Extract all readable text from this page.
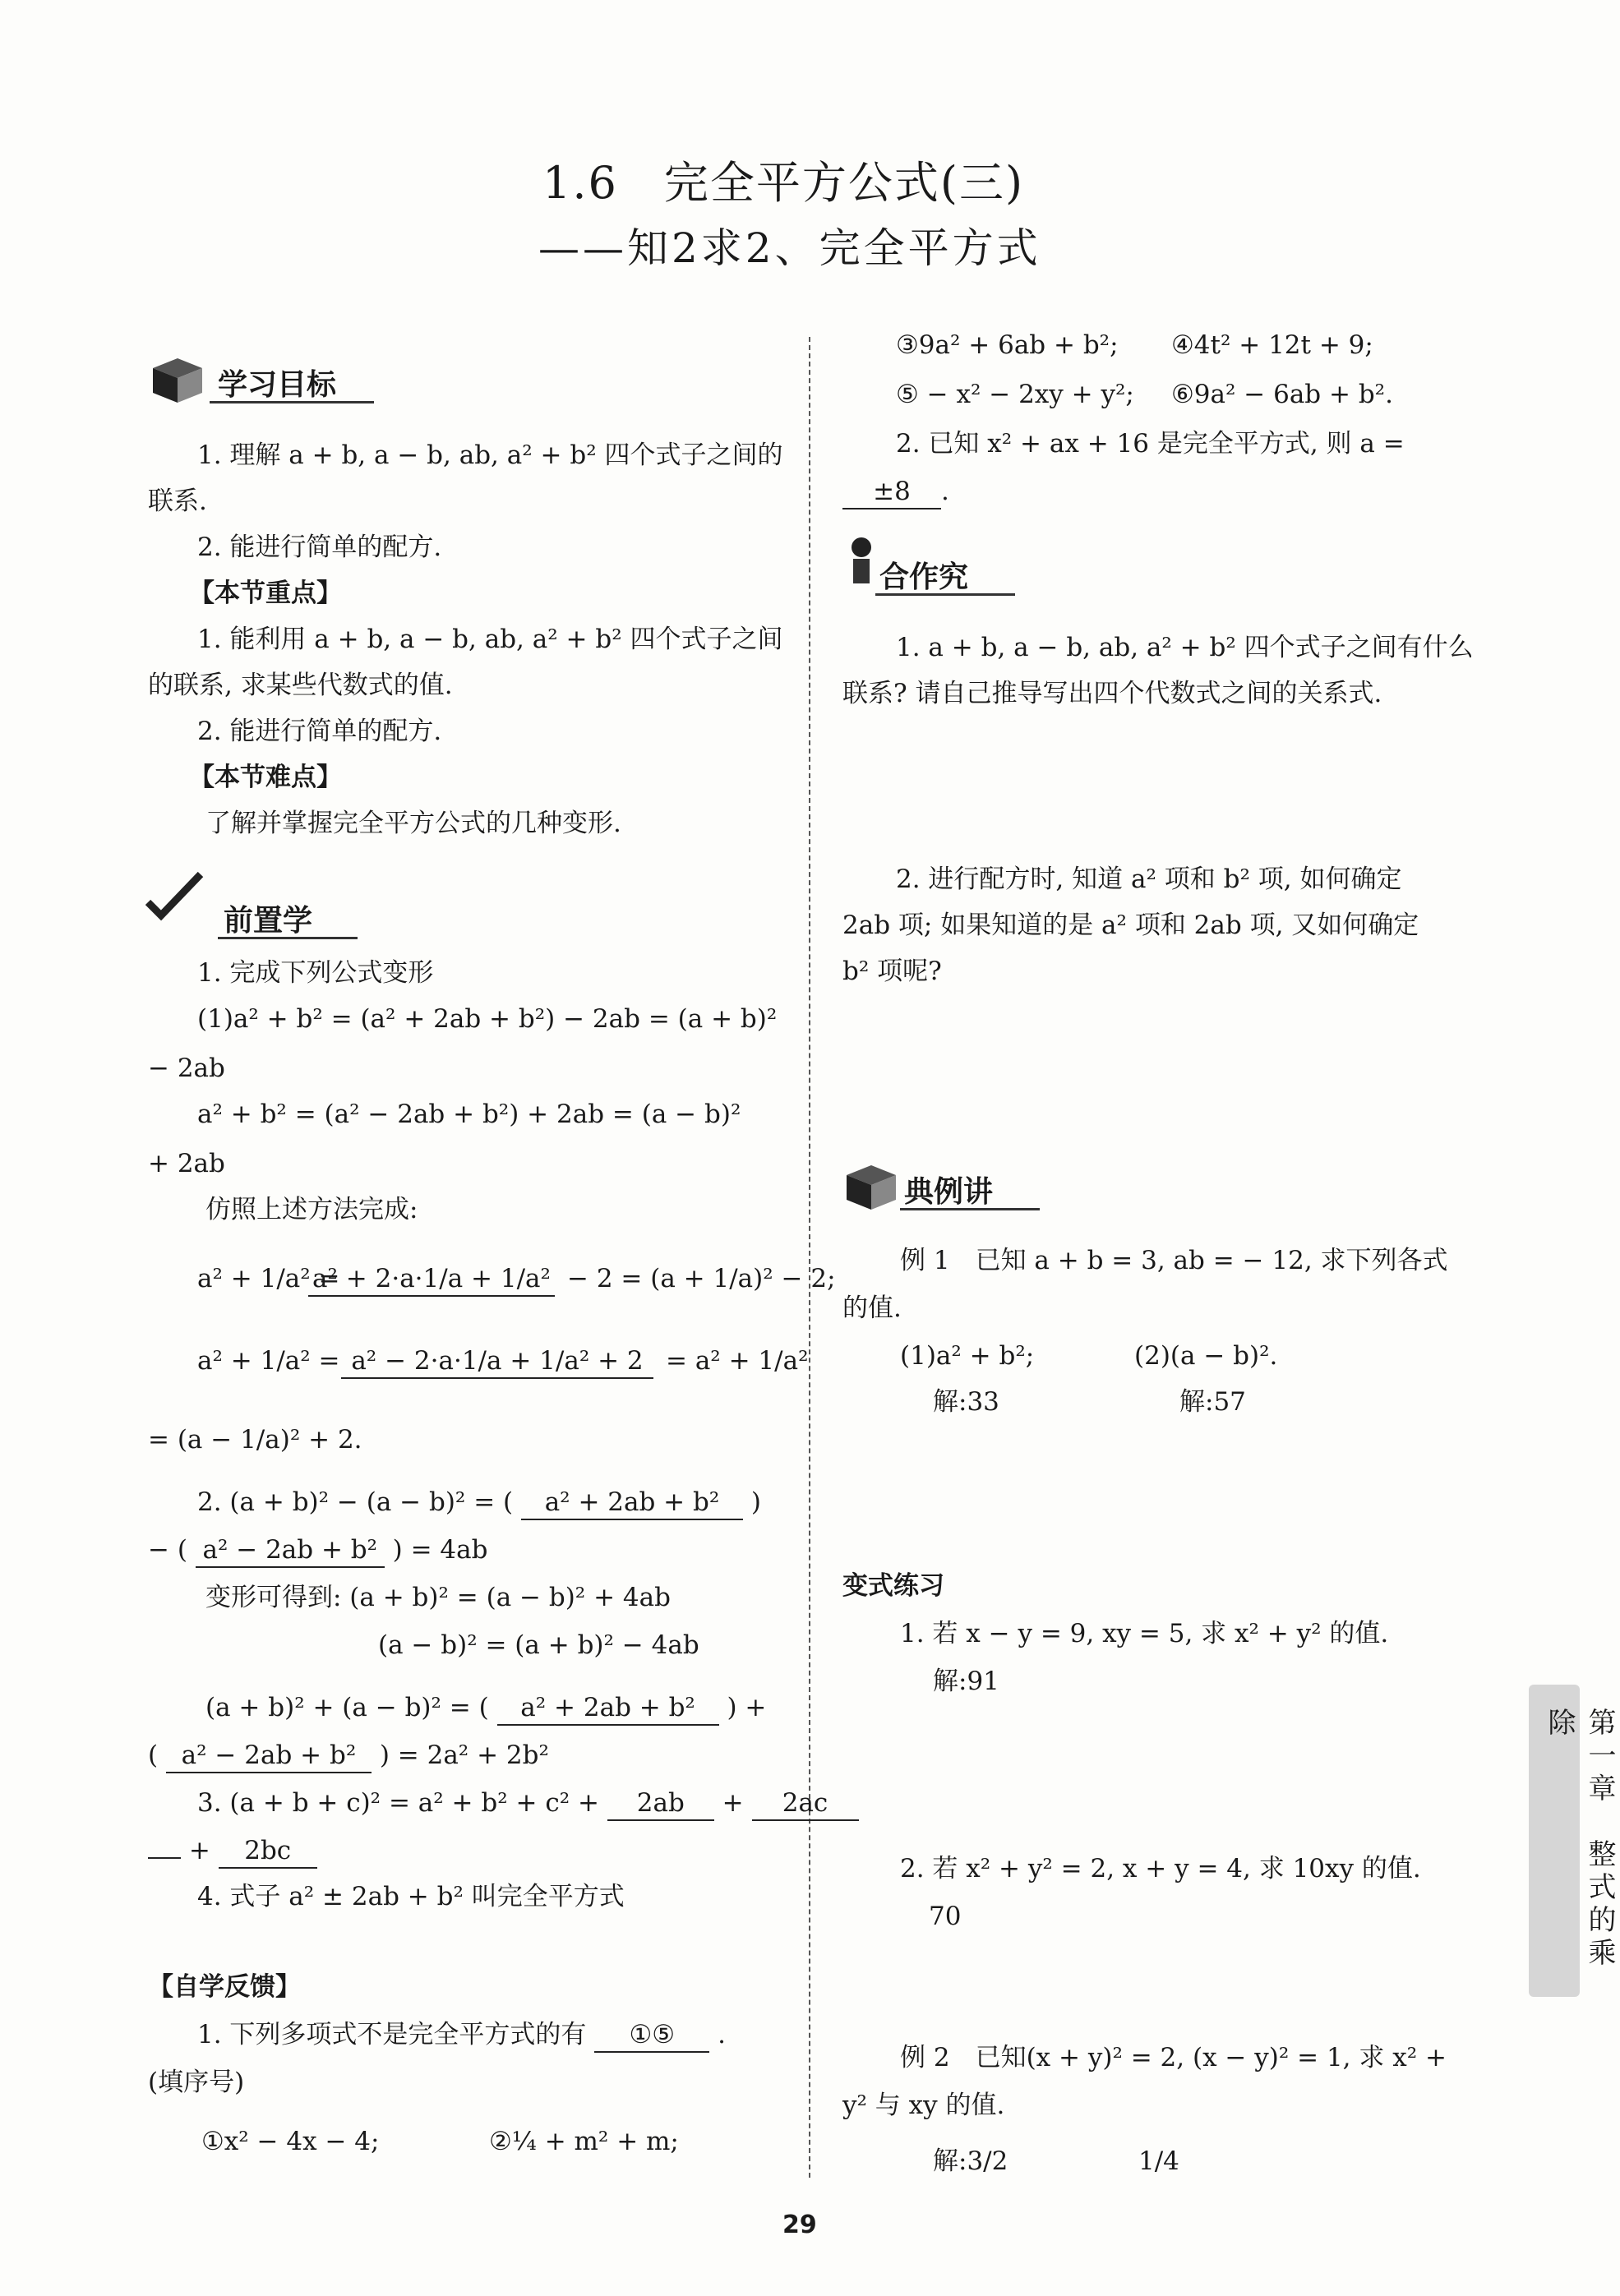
1.6　完全平方公式(三)
——知2求2、完全平方式
学习目标
1. 理解 a + b, a − b, ab, a² + b² 四个式子之间的
联系.
2. 能进行简单的配方.
【本节重点】
1. 能利用 a + b, a − b, ab, a² + b² 四个式子之间
的联系, 求某些代数式的值.
2. 能进行简单的配方.
【本节难点】
了解并掌握完全平方公式的几种变形.
前置学
1. 完成下列公式变形
(1)a² + b² = (a² + 2ab + b²) − 2ab = (a + b)²
− 2ab
a² + b² = (a² − 2ab + b²) + 2ab = (a − b)²
+ 2ab
仿照上述方法完成:
a² + 1/a² =
a² + 2·a·1/a + 1/a² − 2 = (a + 1/a)² − 2;
a² + 1/a² = a² − 2·a·1/a + 1/a² + 2 = a² + 1/a²
= (a − 1/a)² + 2.
2. (a + b)² − (a − b)² = ( a² + 2ab + b² )
− ( a² − 2ab + b² ) = 4ab
变形可得到: (a + b)² = (a − b)² + 4ab
(a − b)² = (a + b)² − 4ab
(a + b)² + (a − b)² = ( a² + 2ab + b² ) +
( a² − 2ab + b² ) = 2a² + 2b²
3. (a + b + c)² = a² + b² + c² + 2ab + 2ac
+ 2bc
4. 式子 a² ± 2ab + b² 叫完全平方式
【自学反馈】
1. 下列多项式不是完全平方式的有 ①⑤ .
(填序号)
①x² − 4x − 4;	②¼ + m² + m;
③9a² + 6ab + b²; ④4t² + 12t + 9;
⑤ − x² − 2xy + y²; ⑥9a² − 6ab + b².
2. 已知 x² + ax + 16 是完全平方式, 则 a =
±8 .
合作究
1. a + b, a − b, ab, a² + b² 四个式子之间有什么
联系? 请自己推导写出四个代数式之间的关系式.
2. 进行配方时, 知道 a² 项和 b² 项, 如何确定
2ab 项; 如果知道的是 a² 项和 2ab 项, 又如何确定
b² 项呢?
典例讲
例 1　已知 a + b = 3, ab = − 12, 求下列各式
的值.
(1)a² + b²;	(2)(a − b)².
解:33	解:57
变式练习
1. 若 x − y = 9, xy = 5, 求 x² + y² 的值.
解:91
2. 若 x² + y² = 2, x + y = 4, 求 10xy 的值.
70
例 2　已知(x + y)² = 2, (x − y)² = 1, 求 x² +
y² 与 xy 的值.
解:3/2	1/4
第一章　整式的乘除
29
